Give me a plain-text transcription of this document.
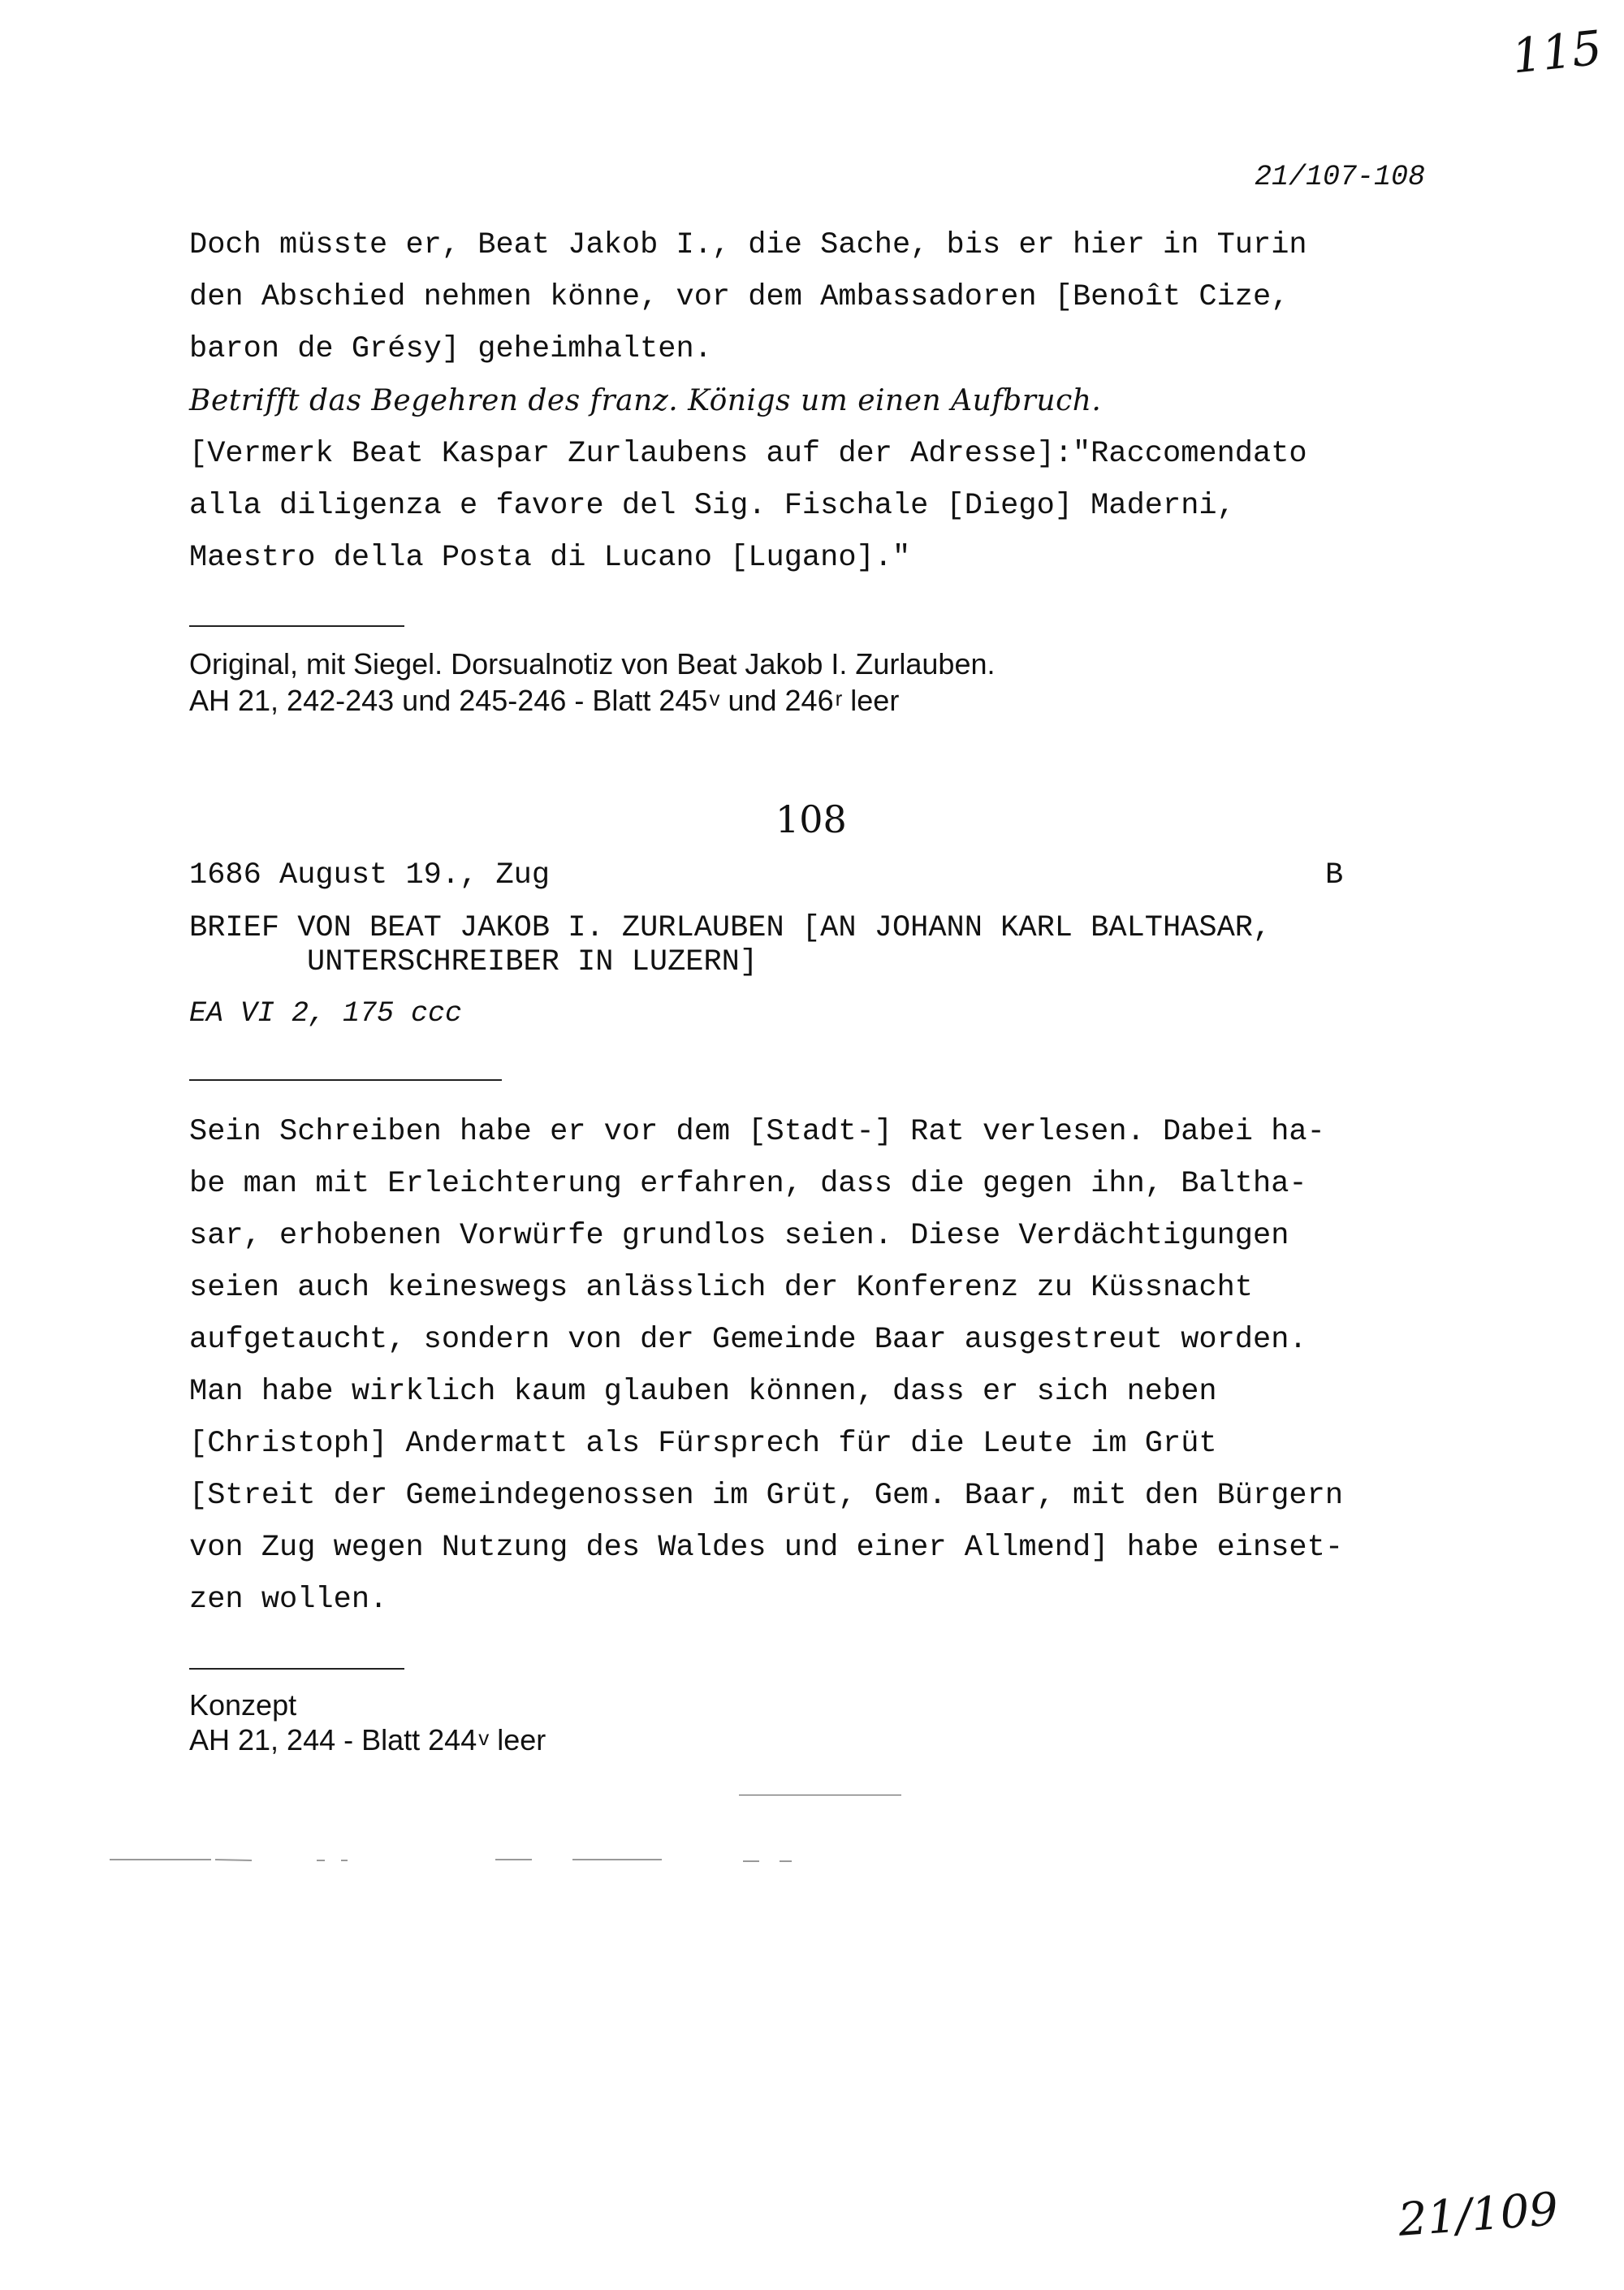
115
21/109
21/107-108
Doch müsste er, Beat Jakob I., die Sache, bis er hier in Turin
den Abschied nehmen könne, vor dem Ambassadoren [Benoît Cize,
baron de Grésy] geheimhalten.
Betrifft das Begehren des franz. Königs um einen Aufbruch.
[Vermerk Beat Kaspar Zurlaubens auf der Adresse]:"Raccomendato
alla diligenza e favore del Sig. Fischale [Diego] Maderni,
Maestro della Posta di Lucano [Lugano]."
Original, mit Siegel. Dorsualnotiz von Beat Jakob I. Zurlauben.
AH 21, 242-243 und 245-246 - Blatt 245$^v$ und 246$^r$ leer
108
1686 August 19., Zug	B
BRIEF VON BEAT JAKOB I. ZURLAUBEN [AN JOHANN KARL BALTHASAR,
UNTERSCHREIBER IN LUZERN]
EA VI 2, 175 ccc
Sein Schreiben habe er vor dem [Stadt-] Rat verlesen. Dabei ha-
be man mit Erleichterung erfahren, dass die gegen ihn, Baltha-
sar, erhobenen Vorwürfe grundlos seien. Diese Verdächtigungen
seien auch keineswegs anlässlich der Konferenz zu Küssnacht
aufgetaucht, sondern von der Gemeinde Baar ausgestreut worden.
Man habe wirklich kaum glauben können, dass er sich neben
[Christoph] Andermatt als Fürsprech für die Leute im Grüt
[Streit der Gemeindegenossen im Grüt, Gem. Baar, mit den Bürgern
von Zug wegen Nutzung des Waldes und einer Allmend] habe einset-
zen wollen.
Konzept
AH 21, 244 - Blatt 244$^v$ leer
